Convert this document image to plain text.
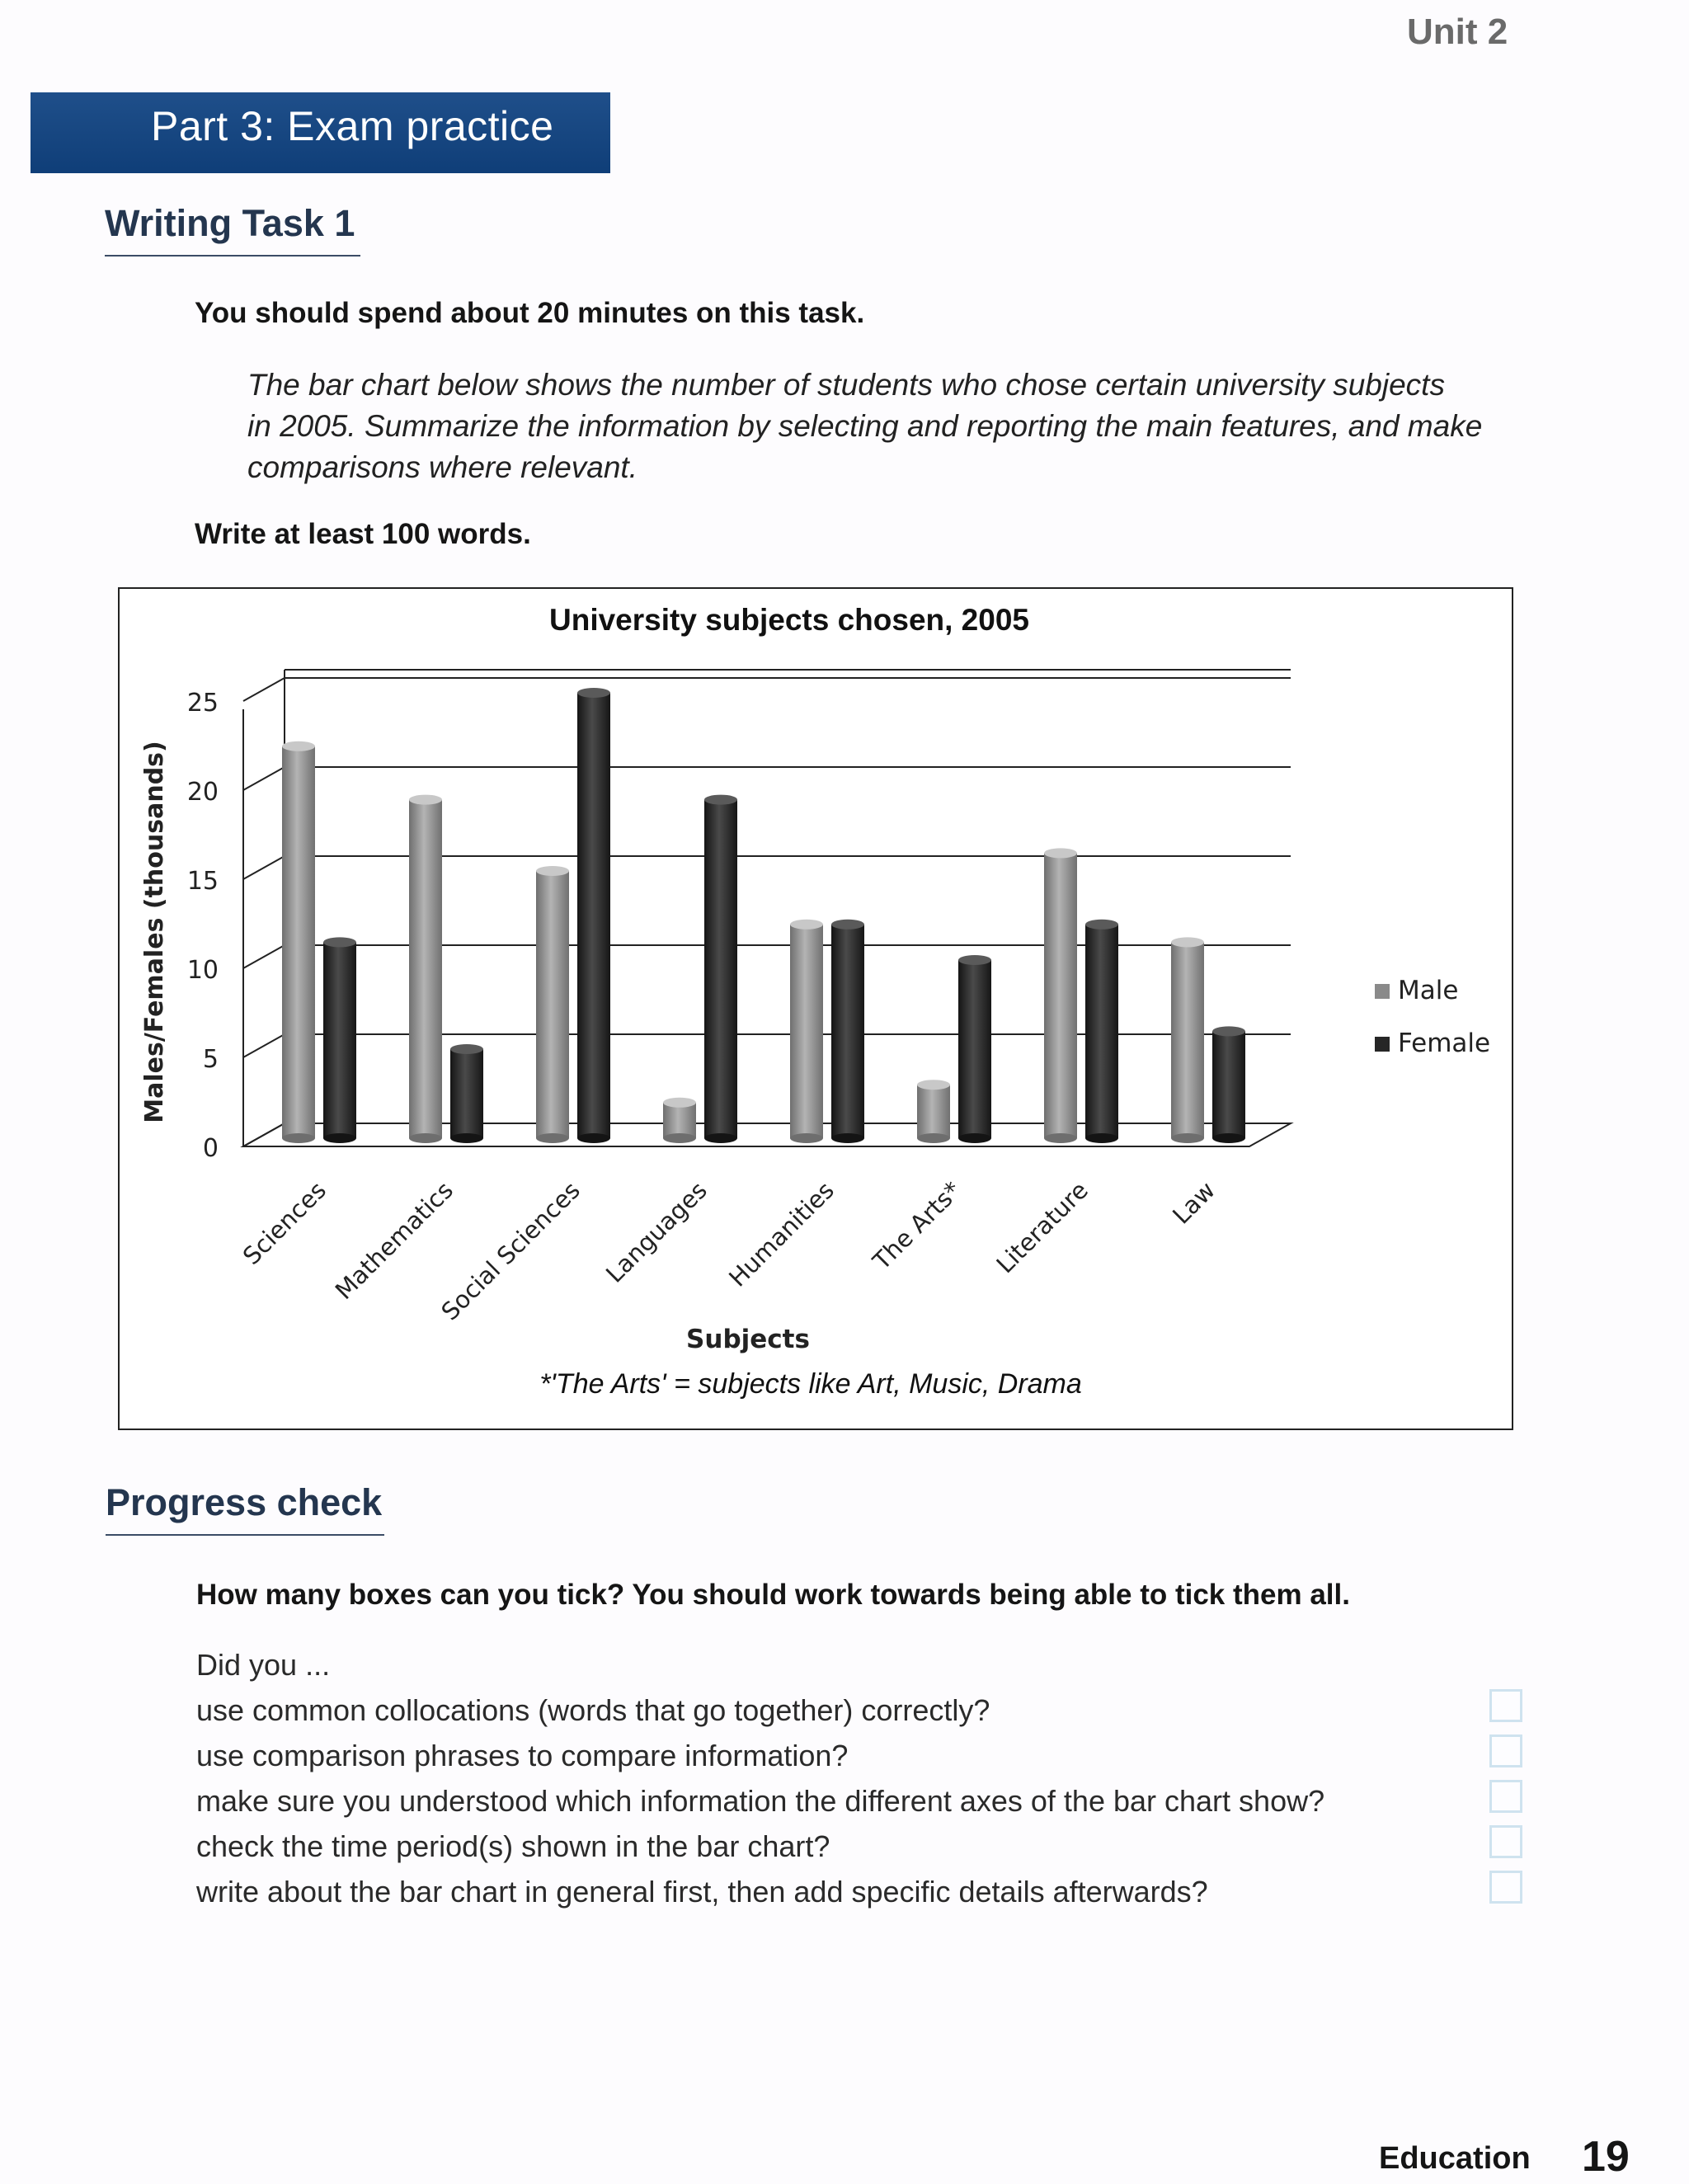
Unit 2
Part 3: Exam practice
Writing Task 1
You should spend about 20 minutes on this task.
The bar chart below shows the number of students who chose certain university subjects
in 2005. Summarize the information by selecting and reporting the main features, and make
comparisons where relevant.
Write at least 100 words.
University subjects chosen, 2005
0
5
10
15
20
25
Males/Females (thousands)
Sciences
Mathematics
Social Sciences Languages Humanities The Arts* Literature	Law
Male
Female
Subjects
*'The Arts' = subjects like Art, Music, Drama
Progress check
How many boxes can you tick? You should work towards being able to tick them all.
Did you ...
use common collocations (words that go together) correctly?
use comparison phrases to compare information?
make sure you understood which information the different axes of the bar chart show?
check the time period(s) shown in the bar chart?
write about the bar chart in general first, then add specific details afterwards?
Education 19
